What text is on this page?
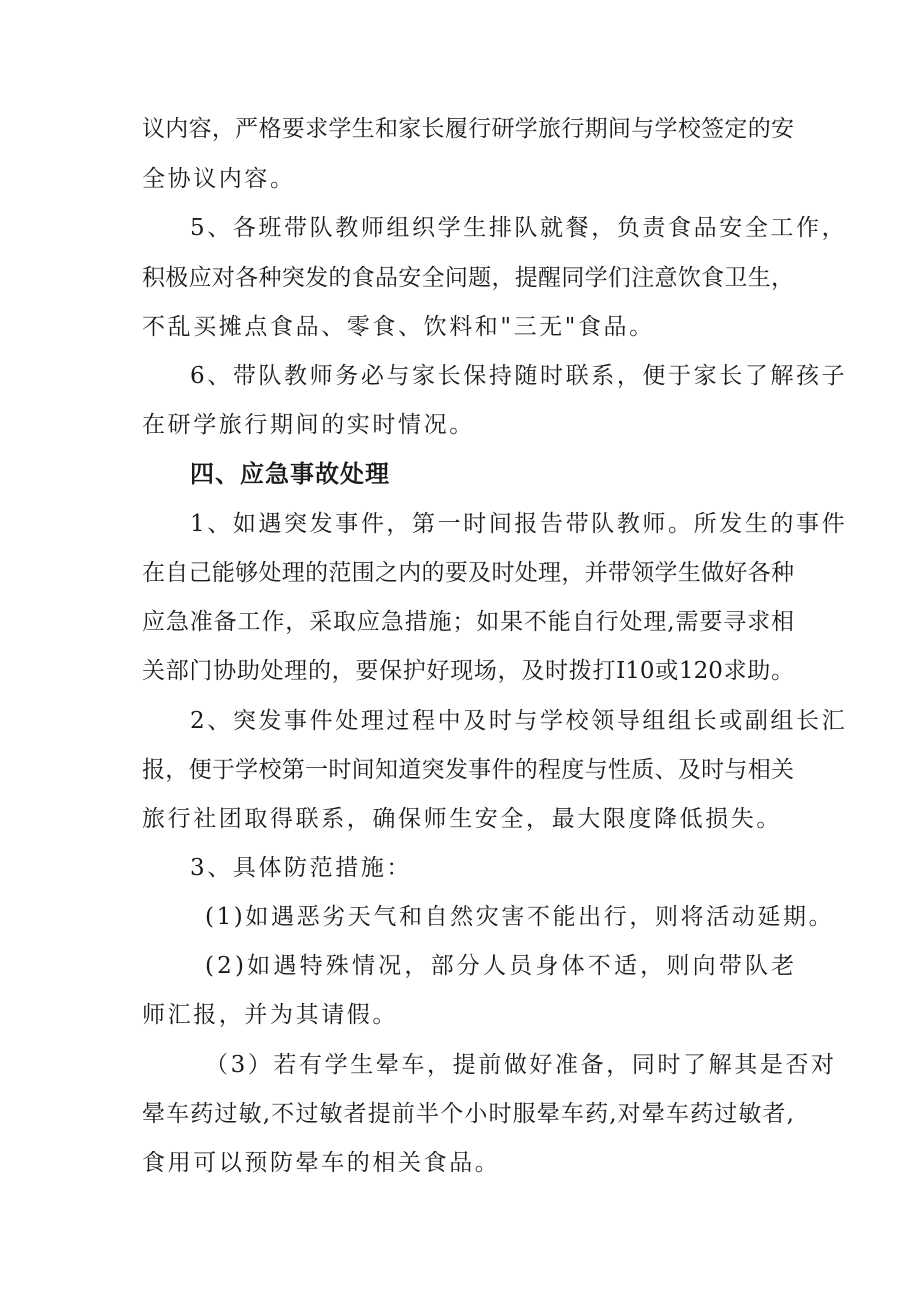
议内容，严格要求学生和家长履行研学旅行期间与学校签定的安
全协议内容。
5、各班带队教师组织学生排队就餐，负责食品安全工作，
积极应对各种突发的食品安全问题，提醒同学们注意饮食卫生，
不乱买摊点食品、零食、饮料和"三无"食品。
6、带队教师务必与家长保持随时联系，便于家长了解孩子
在研学旅行期间的实时情况。
四、应急事故处理
1、如遇突发事件，第一时间报告带队教师。所发生的事件
在自己能够处理的范围之内的要及时处理，并带领学生做好各种
应急准备工作，采取应急措施；如果不能自行处理,需要寻求相
关部门协助处理的，要保护好现场，及时拨打I10或120求助。
2、突发事件处理过程中及时与学校领导组组长或副组长汇
报，便于学校第一时间知道突发事件的程度与性质、及时与相关
旅行社团取得联系，确保师生安全，最大限度降低损失。
3、具体防范措施：
(1)如遇恶劣天气和自然灾害不能出行，则将活动延期。
(2)如遇特殊情况，部分人员身体不适，则向带队老
师汇报，并为其请假。
（3）若有学生晕车，提前做好准备，同时了解其是否对
晕车药过敏,不过敏者提前半个小时服晕车药,对晕车药过敏者,
食用可以预防晕车的相关食品。
